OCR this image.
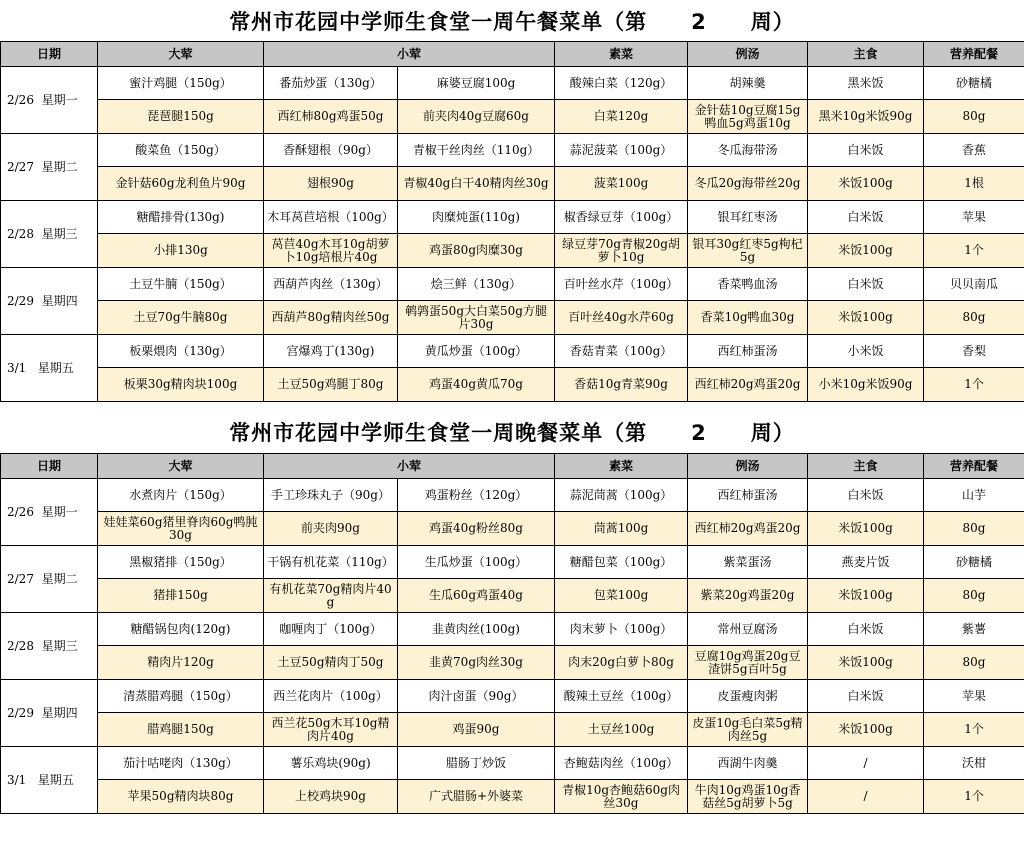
常州市花园中学师生食堂一周午餐菜单（第　　2　　周）
日期	大荤	小荤		素菜	例汤	主食	营养配餐
2/26  星期一	蜜汁鸡腿（150g）	番茄炒蛋（130g）	麻婆豆腐100g	酸辣白菜（120g）	胡辣羹	黑米饭	砂糖橘
	琵琶腿150g	西红柿80g鸡蛋50g	前夹肉40g豆腐60g	白菜120g	金针菇10g豆腐15g鸭血5g鸡蛋10g	黑米10g米饭90g	80g
2/27  星期二	酸菜鱼（150g）	香酥翅根（90g）	青椒干丝肉丝（110g）	蒜泥菠菜（100g）	冬瓜海带汤	白米饭	香蕉
	金针菇60g龙利鱼片90g	翅根90g	青椒40g白干40精肉丝30g	菠菜100g	冬瓜20g海带丝20g	米饭100g	1根
2/28  星期三	糖醋排骨(130g)	木耳莴苣培根（100g）	肉糜炖蛋(110g)	椒香绿豆芽（100g）	银耳红枣汤	白米饭	苹果
	小排130g	莴苣40g木耳10g胡萝卜10g培根片40g	鸡蛋80g肉糜30g	绿豆芽70g青椒20g胡萝卜10g	银耳30g红枣5g枸杞5g	米饭100g	1个
2/29  星期四	土豆牛腩（150g）	西葫芦肉丝（130g）	烩三鲜（130g）	百叶丝水芹（100g）	香菜鸭血汤	白米饭	贝贝南瓜
	土豆70g牛腩80g	西葫芦80g精肉丝50g	鹌鹑蛋50g大白菜50g方腿片30g	百叶丝40g水芹60g	香菜10g鸭血30g	米饭100g	80g
3/1   星期五	板栗煨肉（130g）	宫爆鸡丁(130g)	黄瓜炒蛋（100g）	香菇青菜（100g）	西红柿蛋汤	小米饭	香梨
	板栗30g精肉块100g	土豆50g鸡腿丁80g	鸡蛋40g黄瓜70g	香菇10g青菜90g	西红柿20g鸡蛋20g	小米10g米饭90g	1个
常州市花园中学师生食堂一周晚餐菜单（第　　2　　周）
日期	大荤	小荤		素菜	例汤	主食	营养配餐
2/26  星期一	水煮肉片（150g）	手工珍珠丸子（90g）	鸡蛋粉丝（120g）	蒜泥茼蒿（100g）	西红柿蛋汤	白米饭	山芋
	娃娃菜60g猪里脊肉60g鸭肫30g	前夹肉90g	鸡蛋40g粉丝80g	茼蒿100g	西红柿20g鸡蛋20g	米饭100g	80g
2/27  星期二	黑椒猪排（150g）	干锅有机花菜（110g）	生瓜炒蛋（100g）	糖醋包菜（100g）	紫菜蛋汤	燕麦片饭	砂糖橘
	猪排150g	有机花菜70g精肉片40g	生瓜60g鸡蛋40g	包菜100g	紫菜20g鸡蛋20g	米饭100g	80g
2/28  星期三	糖醋锅包肉(120g)	咖喱肉丁（100g）	韭黄肉丝(100g)	肉末萝卜（100g）	常州豆腐汤	白米饭	紫薯
	精肉片120g	土豆50g精肉丁50g	韭黄70g肉丝30g	肉末20g白萝卜80g	豆腐10g鸡蛋20g豆渣饼5g百叶5g	米饭100g	80g
2/29  星期四	清蒸腊鸡腿（150g）	西兰花肉片（100g）	肉汁卤蛋（90g）	酸辣土豆丝（100g）	皮蛋瘦肉粥	白米饭	苹果
	腊鸡腿150g	西兰花50g木耳10g精肉片40g	鸡蛋90g	土豆丝100g	皮蛋10g毛白菜5g精肉丝5g	米饭100g	1个
3/1   星期五	茄汁咕咾肉（130g）	薯乐鸡块(90g)	腊肠丁炒饭	杏鲍菇肉丝（100g）	西湖牛肉羹	/	沃柑
	苹果50g精肉块80g	上校鸡块90g	广式腊肠+外婆菜	青椒10g杏鲍菇60g肉丝30g	牛肉10g鸡蛋10g香菇丝5g胡萝卜5g	/	1个
